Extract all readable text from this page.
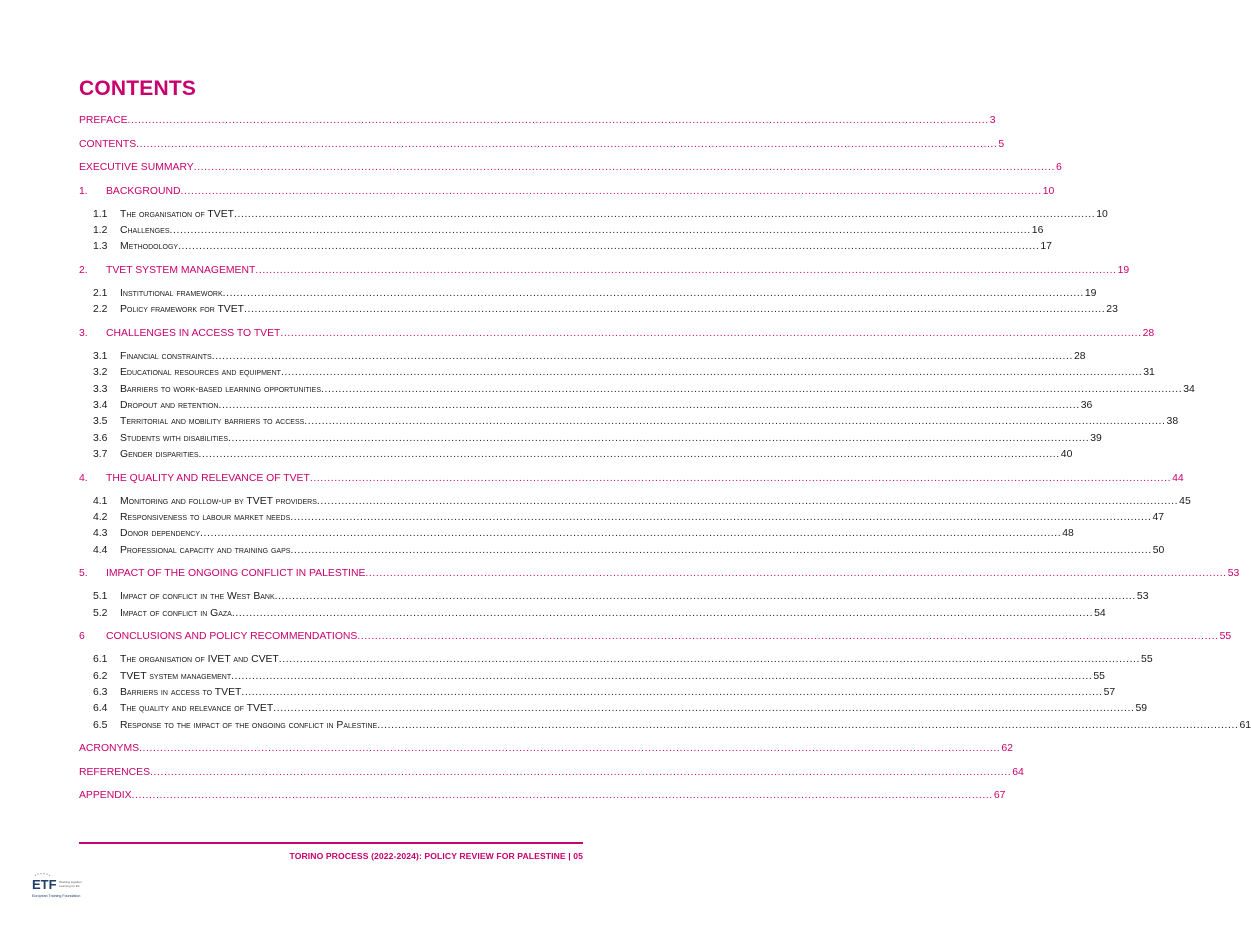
CONTENTS
PREFACE .....	3
CONTENTS .....	5
EXECUTIVE SUMMARY .....	6
1.	BACKGROUND .....	10
1.1	The organisation of TVET .....	10
1.2	Challenges .....	16
1.3	Methodology .....	17
2.	TVET SYSTEM MANAGEMENT .....	19
2.1	Institutional framework .....	19
2.2	Policy framework for TVET .....	23
3.	CHALLENGES IN ACCESS TO TVET .....	28
3.1	Financial constraints .....	28
3.2	Educational resources and equipment .....	31
3.3	Barriers to work-based learning opportunities .....	34
3.4	Dropout and retention .....	36
3.5	Territorial and mobility barriers to access .....	38
3.6	Students with disabilities .....	39
3.7	Gender disparities .....	40
4.	THE QUALITY AND RELEVANCE OF TVET .....	44
4.1	Monitoring and follow-up by TVET providers .....	45
4.2	Responsiveness to labour market needs .....	47
4.3	Donor dependency .....	48
4.4	Professional capacity and training gaps .....	50
5.	IMPACT OF THE ONGOING CONFLICT IN PALESTINE .....	53
5.1	Impact of conflict in the West Bank .....	53
5.2	Impact of conflict in Gaza .....	54
6	CONCLUSIONS AND POLICY RECOMMENDATIONS .....	55
6.1	The organisation of IVET and CVET .....	55
6.2	TVET system management .....	55
6.3	Barriers in access to TVET .....	57
6.4	The quality and relevance of TVET .....	59
6.5	Response to the impact of the ongoing conflict in Palestine .....	61
ACRONYMS .....	62
REFERENCES .....	64
APPENDIX .....	67
TORINO PROCESS (2022-2024): POLICY REVIEW FOR PALESTINE | 05
ETF Working together
Learning for life
European Training Foundation
